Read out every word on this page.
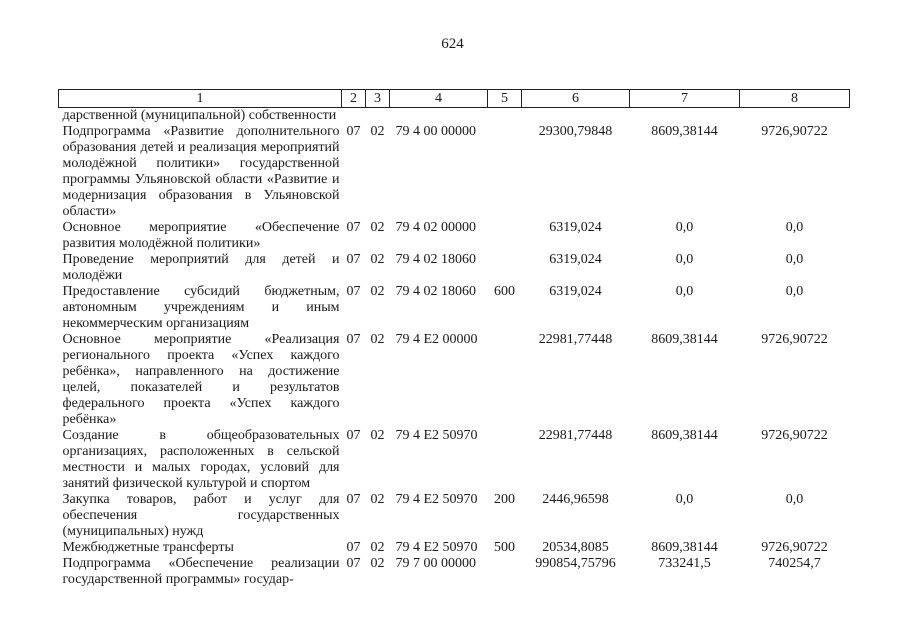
624
1	2	3	4	5	6	7	8
дарственной (муниципальной) собственности							
Подпрограмма «Развитие дополнительного образования детей и реализация мероприятий молодёжной политики» государственной программы Ульяновской области «Развитие и модернизация образования в Ульяновской области»	07	02	79 4 00 00000		29300,79848	8609,38144	9726,90722
Основное мероприятие «Обеспечение развития молодёжной политики»	07	02	79 4 02 00000		6319,024	0,0	0,0
Проведение мероприятий для детей и молодёжи	07	02	79 4 02 18060		6319,024	0,0	0,0
Предоставление субсидий бюджетным, автономным учреждениям и иным некоммерческим организациям	07	02	79 4 02 18060	600	6319,024	0,0	0,0
Основное мероприятие «Реализация регионального проекта «Успех каждого ребёнка», направленного на достижение целей, показателей и результатов федерального проекта «Успех каждого ребёнка»	07	02	79 4 E2 00000		22981,77448	8609,38144	9726,90722
Создание в общеобразовательных организациях, расположенных в сельской местности и малых городах, условий для занятий физической культурой и спортом	07	02	79 4 E2 50970		22981,77448	8609,38144	9726,90722
Закупка товаров, работ и услуг для обеспечения государственных (муниципальных) нужд	07	02	79 4 E2 50970	200	2446,96598	0,0	0,0
Межбюджетные трансферты	07	02	79 4 E2 50970	500	20534,8085	8609,38144	9726,90722
Подпрограмма «Обеспечение реализации государственной программы» государ-	07	02	79 7 00 00000		990854,75796	733241,5	740254,7
